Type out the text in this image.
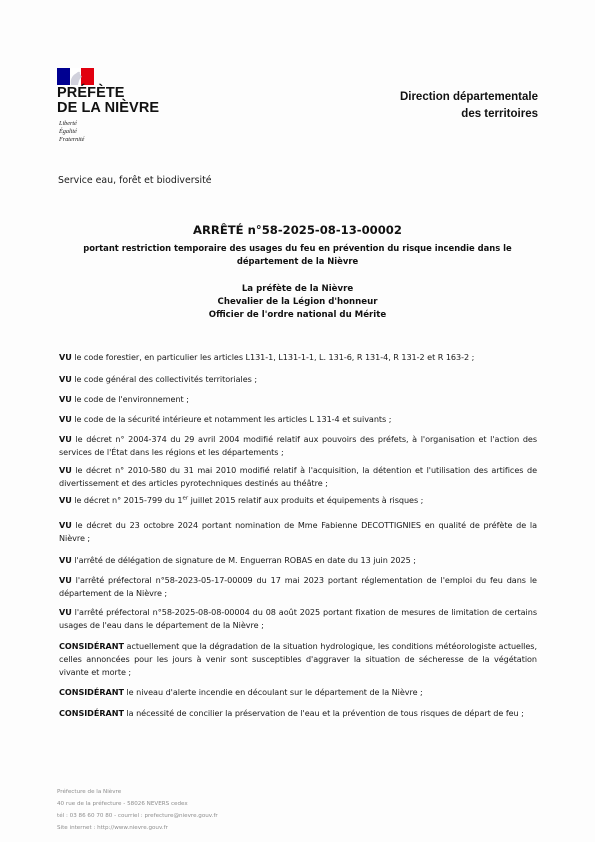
PRÉFÈTE
DE LA NIÈVRE
Liberté
Égalité
Fraternité
Direction départementale
des territoires
Service eau, forêt et biodiversité
ARRÊTÉ n°58-2025-08-13-00002
portant restriction temporaire des usages du feu en prévention du risque incendie dans le
département de la Nièvre
La préfète de la Nièvre
Chevalier de la Légion d'honneur
Officier de l'ordre national du Mérite
VU le code forestier, en particulier les articles L131-1, L131-1-1, L. 131-6, R 131-4, R 131-2 et R 163-2 ;
VU le code général des collectivités territoriales ;
VU le code de l'environnement ;
VU le code de la sécurité intérieure et notamment les articles L 131-4 et suivants ;
VU le décret n° 2004-374 du 29 avril 2004 modifié relatif aux pouvoirs des préfets, à l'organisation et l'action des services de l'État dans les régions et les départements ;
VU le décret n° 2010-580 du 31 mai 2010 modifié relatif à l'acquisition, la détention et l'utilisation des artifices de divertissement et des articles pyrotechniques destinés au théâtre ;
VU le décret n° 2015-799 du 1er juillet 2015 relatif aux produits et équipements à risques ;
VU le décret du 23 octobre 2024 portant nomination de Mme Fabienne DECOTTIGNIES en qualité de préfète de la Nièvre ;
VU l'arrêté de délégation de signature de M. Enguerran ROBAS en date du 13 juin 2025 ;
VU l'arrêté préfectoral n°58-2023-05-17-00009 du 17 mai 2023 portant réglementation de l'emploi du feu dans le département de la Nièvre ;
VU l'arrêté préfectoral n°58-2025-08-08-00004 du 08 août 2025 portant fixation de mesures de limitation de certains usages de l'eau dans le département de la Nièvre ;
CONSIDÉRANT actuellement que la dégradation de la situation hydrologique, les conditions météorologiste actuelles, celles annoncées pour les jours à venir sont susceptibles d'aggraver la situation de sécheresse de la végétation vivante et morte ;
CONSIDÉRANT le niveau d'alerte incendie en découlant sur le département de la Nièvre ;
CONSIDÉRANT la nécessité de concilier la préservation de l'eau et la prévention de tous risques de départ de feu ;
Préfecture de la Nièvre
40 rue de la préfecture - 58026 NEVERS cedex
tél : 03 86 60 70 80 - courriel : prefecture@nievre.gouv.fr
Site internet : http://www.nievre.gouv.fr
